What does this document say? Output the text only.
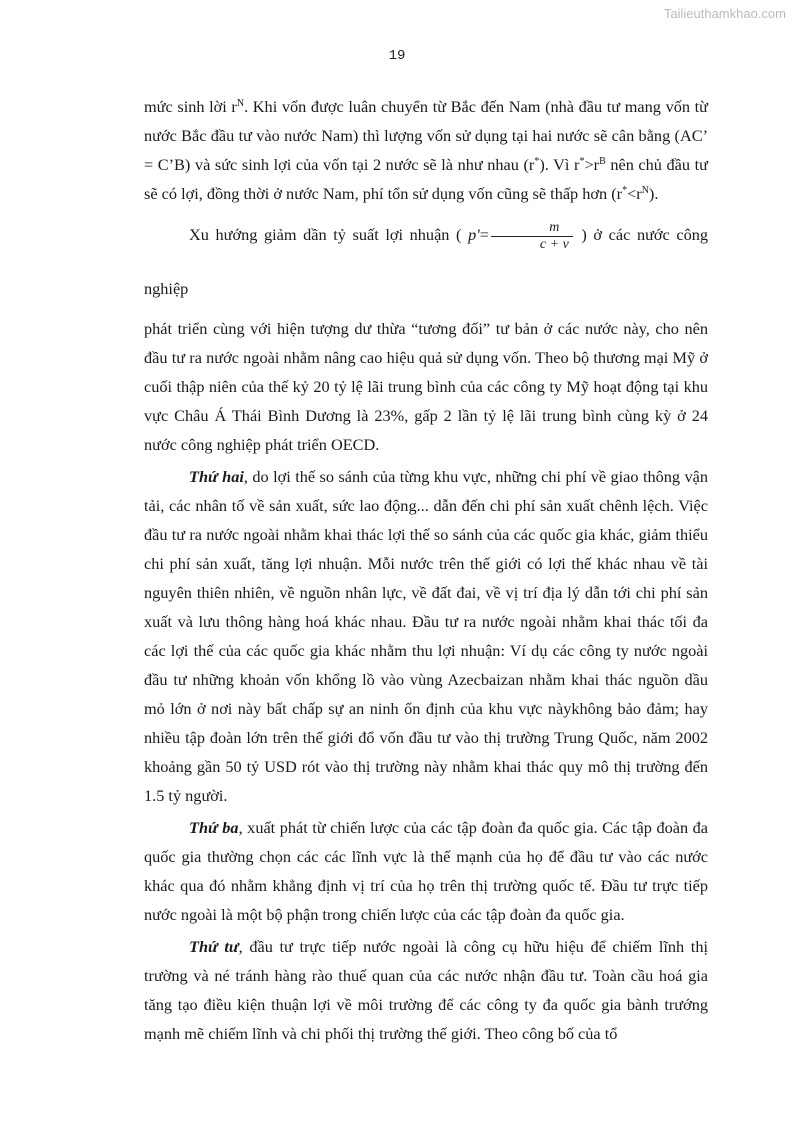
Tailieuthamkhao.com
19

mức sinh lời $r^N$. Khi vốn được luân chuyển từ Bắc đến Nam (nhà đầu tư mang vốn từ nước Bắc đầu tư vào nước Nam) thì lượng vốn sử dụng tại hai nước sẽ cân bằng (AC’ = C’B) và sức sinh lợi của vốn tại 2 nước sẽ là như nhau (r*). Vì $r^*>r^B$ nên chủ đầu tư sẽ có lợi, đồng thời ở nước Nam, phí tổn sử dụng vốn cũng sẽ thấp hơn $(r^*<r^N)$.

Xu hướng giảm dần tỷ suất lợi nhuận ( $p'= \frac{m}{c + v}$ ) ở các nước công nghiệp

phát triển cùng với hiện tượng dư thừa “tương đối” tư bản ở các nước này, cho nên đầu tư ra nước ngoài nhằm nâng cao hiệu quả sử dụng vốn. Theo bộ thương mại Mỹ ở cuối thập niên của thế kỷ 20 tỷ lệ lãi trung bình của các công ty Mỹ hoạt động tại khu vực Châu Á Thái Bình Dương là 23%, gấp 2 lần tỷ lệ lãi trung bình cùng kỳ ở 24 nước công nghiệp phát triển OECD.

Thứ hai, do lợi thế so sánh của từng khu vực, những chi phí về giao thông vận tải, các nhân tố về sản xuất, sức lao động... dẫn đến chi phí sản xuất chênh lệch. Việc đầu tư ra nước ngoài nhằm khai thác lợi thế so sánh của các quốc gia khác, giảm thiểu chi phí sản xuất, tăng lợi nhuận. Mỗi nước trên thế giới có lợi thế khác nhau về tài nguyên thiên nhiên, về nguồn nhân lực, về đất đai, về vị trí địa lý dẫn tới chi phí sản xuất và lưu thông hàng hoá khác nhau. Đầu tư ra nước ngoài nhằm khai thác tối đa các lợi thế của các quốc gia khác nhằm thu lợi nhuận: Ví dụ các công ty nước ngoài đầu tư những khoản vốn khổng lồ vào vùng Azecbaizan nhằm khai thác nguồn dầu mỏ lớn ở nơi này bất chấp sự an ninh ổn định của khu vực nàykhông bảo đảm; hay nhiều tập đoàn lớn trên thế giới đổ vốn đầu tư vào thị trường Trung Quốc, năm 2002 khoảng gần 50 tỷ USD rót vào thị trường này nhằm khai thác quy mô thị trường đến 1.5 tỷ người.

Thứ ba, xuất phát từ chiến lược của các tập đoàn đa quốc gia. Các tập đoàn đa quốc gia thường chọn các các lĩnh vực là thế mạnh của họ để đầu tư vào các nước khác qua đó nhằm khẳng định vị trí của họ trên thị trường quốc tế. Đầu tư trực tiếp nước ngoài là một bộ phận trong chiến lược của các tập đoàn đa quốc gia.

Thứ tư, đầu tư trực tiếp nước ngoài là công cụ hữu hiệu để chiếm lĩnh thị trường và né tránh hàng rào thuế quan của các nước nhận đầu tư. Toàn cầu hoá gia tăng tạo điều kiện thuận lợi về môi trường để các công ty đa quốc gia bành trướng mạnh mẽ chiếm lĩnh và chi phối thị trường thế giới. Theo công bố của tổ
